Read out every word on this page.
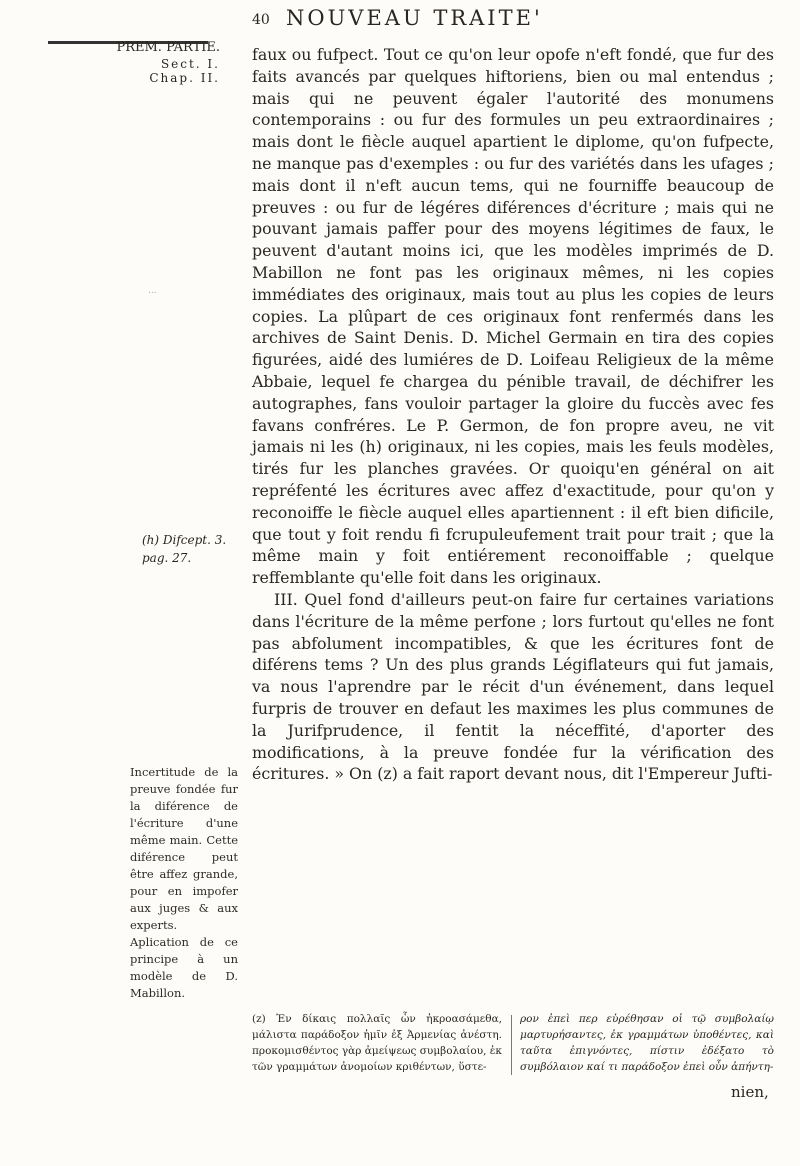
40 NOUVEAU TRAITE'
PREM. PARTIE.
Sect. I.
Chap. II.
...
(h) Difcept. 3. pag. 27.
Incertitude de la preuve fondée fur la diférence de l'écriture d'une même main. Cette diférence peut être affez grande, pour en impofer aux juges & aux experts. Aplication de ce principe à un modèle de D. Mabillon.

faux ou fufpect. Tout ce qu'on leur opofe n'eft fondé, que fur des faits avancés par quelques hiftoriens, bien ou mal entendus ; mais qui ne peuvent égaler l'autorité des monumens contemporains : ou fur des formules un peu extraordinaires ; mais dont le fiècle auquel apartient le diplome, qu'on fufpecte, ne manque pas d'exemples : ou fur des variétés dans les ufages ; mais dont il n'eft aucun tems, qui ne fourniffe beaucoup de preuves : ou fur de légéres diférences d'écriture ; mais qui ne pouvant jamais paffer pour des moyens légitimes de faux, le peuvent d'autant moins ici, que les modèles imprimés de D. Mabillon ne font pas les originaux mêmes, ni les copies immédiates des originaux, mais tout au plus les copies de leurs copies. La plûpart de ces originaux font renfermés dans les archives de Saint Denis. D. Michel Germain en tira des copies figurées, aidé des lumiéres de D. Loifeau Religieux de la même Abbaie, lequel fe chargea du pénible travail, de déchifrer les autographes, fans vouloir partager la gloire du fuccès avec fes favans confréres. Le P. Germon, de fon propre aveu, ne vit jamais ni les (h) originaux, ni les copies, mais les feuls modèles, tirés fur les planches gravées. Or quoiqu'en général on ait repréfenté les écritures avec affez d'exactitude, pour qu'on y reconoiffe le fiècle auquel elles apartiennent : il eft bien dificile, que tout y foit rendu fi fcrupuleufement trait pour trait ; que la même main y foit entiérement reconoiffable ; quelque reffemblante qu'elle foit dans les originaux.

III. Quel fond d'ailleurs peut-on faire fur certaines variations dans l'écriture de la même perfone ; lors furtout qu'elles ne font pas abfolument incompatibles, & que les écritures font de diférens tems ? Un des plus grands Légiflateurs qui fut jamais, va nous l'aprendre par le récit d'un événement, dans lequel furpris de trouver en defaut les maximes les plus communes de la Jurifprudence, il fentit la néceffité, d'aporter des modifications, à la preuve fondée fur la vérification des écritures. » On (z) a fait raport devant nous, dit l'Empereur Jufti-

(z) Ἐν δίκαις πολλαῖς ὧν ἠκροασάμεθα, μάλιστα παράδοξον ἡμῖν ἐξ Ἀρμενίας ἀνέστη. προκομισθέντος γὰρ ἀμείψεως συμβολαίου, ἐκ τῶν γραμμάτων ἀνομοίων κριθέντων, ὕστε-
ρον ἐπεὶ περ εὑρέθησαν οἱ τῷ συμβολαίῳ μαρτυρήσαντες, ἐκ γραμμάτων ὑποθέντες, καὶ ταῦτα ἐπιγνόντες, πίστιν ἐδέξατο τὸ συμβόλαιον καί τι παράδοξον ἐπεὶ οὖν ἀπήντη-
nien,
